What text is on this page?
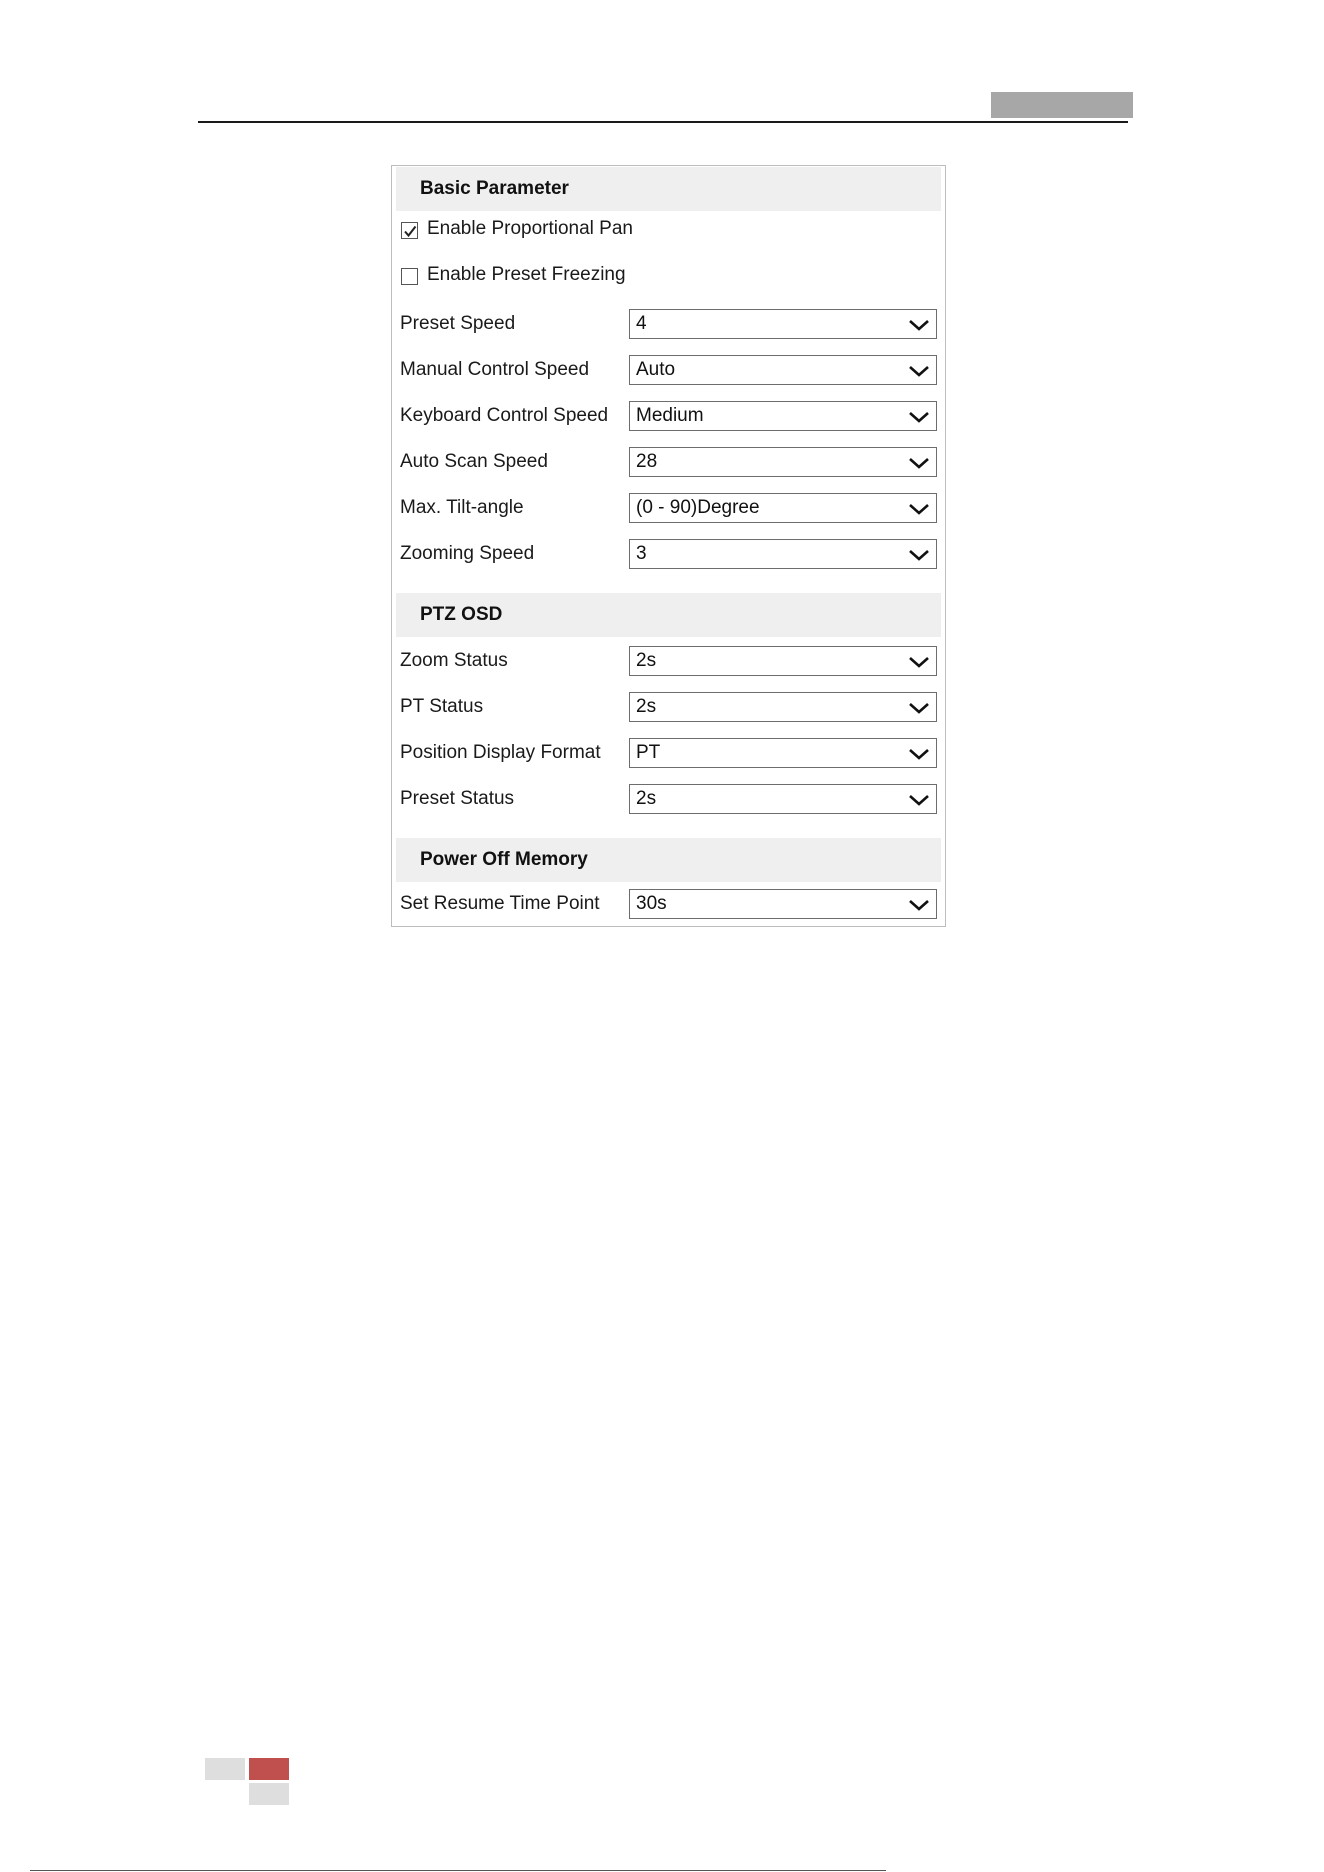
Basic Parameter
Enable Proportional Pan
Enable Preset Freezing
Preset Speed	4
Manual Control Speed Auto
Keyboard Control Speed Medium
Auto Scan Speed	28
Max. Tilt-angle	(0 - 90)Degree
Zooming Speed	3
PTZ OSD
Zoom Status	2s
PT Status	2s
Position Display Format PT
Preset Status	2s
Power Off Memory
Set Resume Time Point 30s
